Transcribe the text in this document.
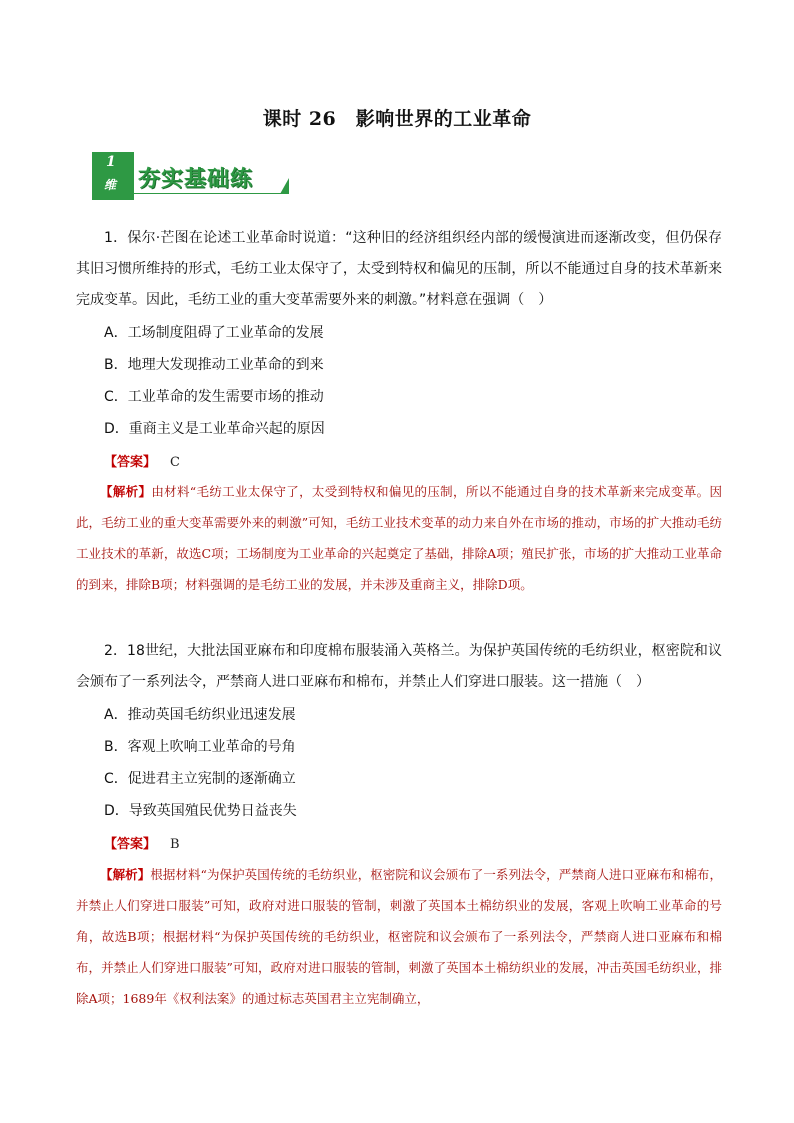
课时 26　影响世界的工业革命
1
维 夯实基础练

1．保尔·芒图在论述工业革命时说道：“这种旧的经济组织经内部的缓慢演进而逐渐改变，但仍保存其旧习惯所维持的形式，毛纺工业太保守了，太受到特权和偏见的压制，所以不能通过自身的技术革新来完成变革。因此，毛纺工业的重大变革需要外来的刺激。”材料意在强调（　）

A．工场制度阻碍了工业革命的发展

B．地理大发现推动工业革命的到来

C．工业革命的发生需要市场的推动

D．重商主义是工业革命兴起的原因

【答案】 C

【解析】由材料“毛纺工业太保守了，太受到特权和偏见的压制，所以不能通过自身的技术革新来完成变革。因此，毛纺工业的重大变革需要外来的刺激”可知，毛纺工业技术变革的动力来自外在市场的推动，市场的扩大推动毛纺工业技术的革新，故选C项；工场制度为工业革命的兴起奠定了基础，排除A项；殖民扩张，市场的扩大推动工业革命的到来，排除B项；材料强调的是毛纺工业的发展，并未涉及重商主义，排除D项。

2．18世纪，大批法国亚麻布和印度棉布服装涌入英格兰。为保护英国传统的毛纺织业，枢密院和议会颁布了一系列法令，严禁商人进口亚麻布和棉布，并禁止人们穿进口服装。这一措施（　）

A．推动英国毛纺织业迅速发展

B．客观上吹响工业革命的号角

C．促进君主立宪制的逐渐确立

D．导致英国殖民优势日益丧失

【答案】 B

【解析】根据材料“为保护英国传统的毛纺织业，枢密院和议会颁布了一系列法令，严禁商人进口亚麻布和棉布，并禁止人们穿进口服装”可知，政府对进口服装的管制，刺激了英国本土棉纺织业的发展，客观上吹响工业革命的号角，故选B项；根据材料“为保护英国传统的毛纺织业，枢密院和议会颁布了一系列法令，严禁商人进口亚麻布和棉布，并禁止人们穿进口服装”可知，政府对进口服装的管制，刺激了英国本土棉纺织业的发展，冲击英国毛纺织业，排除A项；1689年《权利法案》的通过标志英国君主立宪制确立，
